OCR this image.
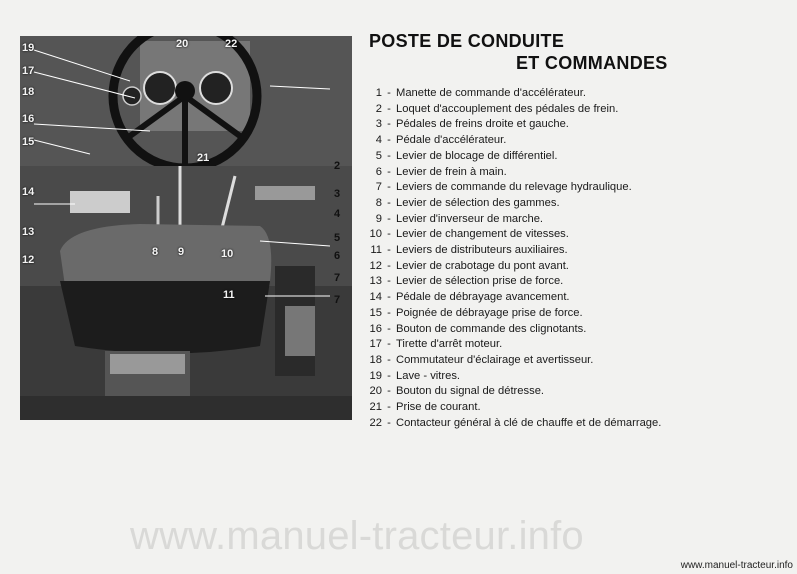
19
17
18
16
15
14
13
12
20	22
21
8 9	10
11
2
3
4
5
6
7
7
POSTE DE CONDUITE
ET COMMANDES
1 - Manette de commande d'accélérateur.
2 - Loquet d'accouplement des pédales de frein.
3 - Pédales de freins droite et gauche.
4 - Pédale d'accélérateur.
5 - Levier de blocage de différentiel.
6 - Levier de frein à main.
7 - Leviers de commande du relevage hydraulique.
8 - Levier de sélection des gammes.
9 - Levier d'inverseur de marche.
10 - Levier de changement de vitesses.
11 - Leviers de distributeurs auxiliaires.
12 - Levier de crabotage du pont avant.
13 - Levier de sélection prise de force.
14 - Pédale de débrayage avancement.
15 - Poignée de débrayage prise de force.
16 - Bouton de commande des clignotants.
17 - Tirette d'arrêt moteur.
18 - Commutateur d'éclairage et avertisseur.
19 - Lave - vitres.
20 - Bouton du signal de détresse.
21 - Prise de courant.
22 - Contacteur général à clé de chauffe et de démarrage.
www.manuel-tracteur.info
www.manuel-tracteur.info
